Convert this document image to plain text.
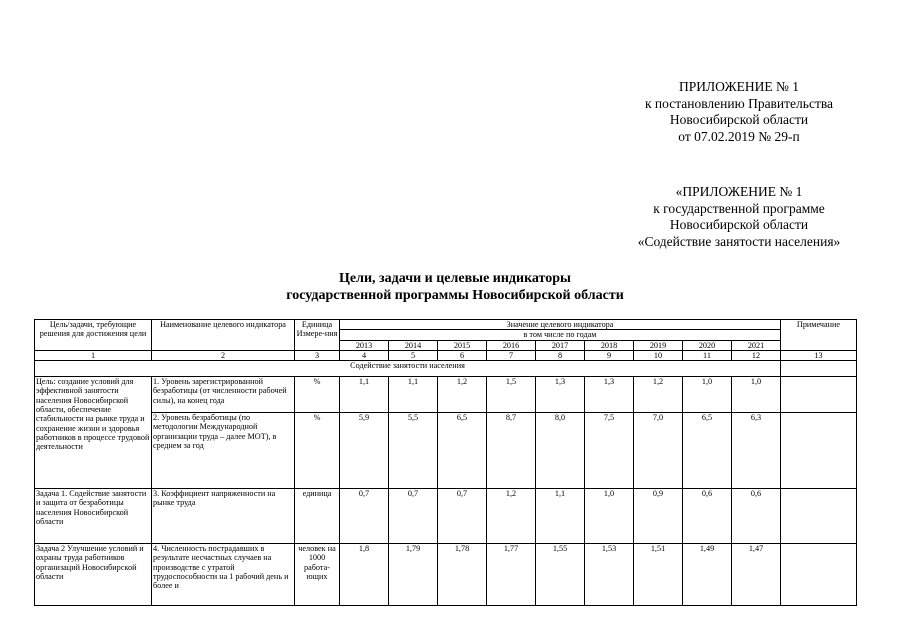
ПРИЛОЖЕНИЕ № 1
к постановлению Правительства
Новосибирской области
от 07.02.2019 № 29-п
«ПРИЛОЖЕНИЕ № 1
к государственной программе
Новосибирской области
«Содействие занятости населения»
Цели, задачи и целевые индикаторы
государственной программы Новосибирской области
Цель/задачи, требующие решения для достижения цели	Наименование целевого индикатора	Единица Измере-ния	Значение целевого индикатора									Примечание
			в том числе по годам									
			2013	2014	2015	2016	2017	2018	2019	2020	2021	
1	2	3	4	5	6	7	8	9	10	11	12	13
Содействие занятости населения												
Цель: создание условий для эффективной занятости населения Новосибирской области, обеспечение стабильности на рынке труда и сохранение жизни и здоровья работников в процессе трудовой деятельности	1. Уровень зарегистрированной безработицы (от численности рабочей силы), на конец года	%	1,1	1,1	1,2	1,5	1,3	1,3	1,2	1,0	1,0	
	2. Уровень безработицы (по методологии Международной организации труда – далее МОТ), в среднем за год	%	5,9	5,5	6,5	8,7	8,0	7,5	7,0	6,5	6,3	
Задача 1. Содействие занятости и защита от безработицы населения Новосибирской области	3. Коэффициент напряженности на рынке труда	единица	0,7	0,7	0,7	1,2	1,1	1,0	0,9	0,6	0,6	
Задача 2 Улучшение условий и охраны труда работников организаций Новосибирской области	4. Численность пострадавших в результате несчастных случаев на производстве с утратой трудоспособности на 1 рабочий день и более и	человек на 1000 работа-ющих	1,8	1,79	1,78	1,77	1,55	1,53	1,51	1,49	1,47	
